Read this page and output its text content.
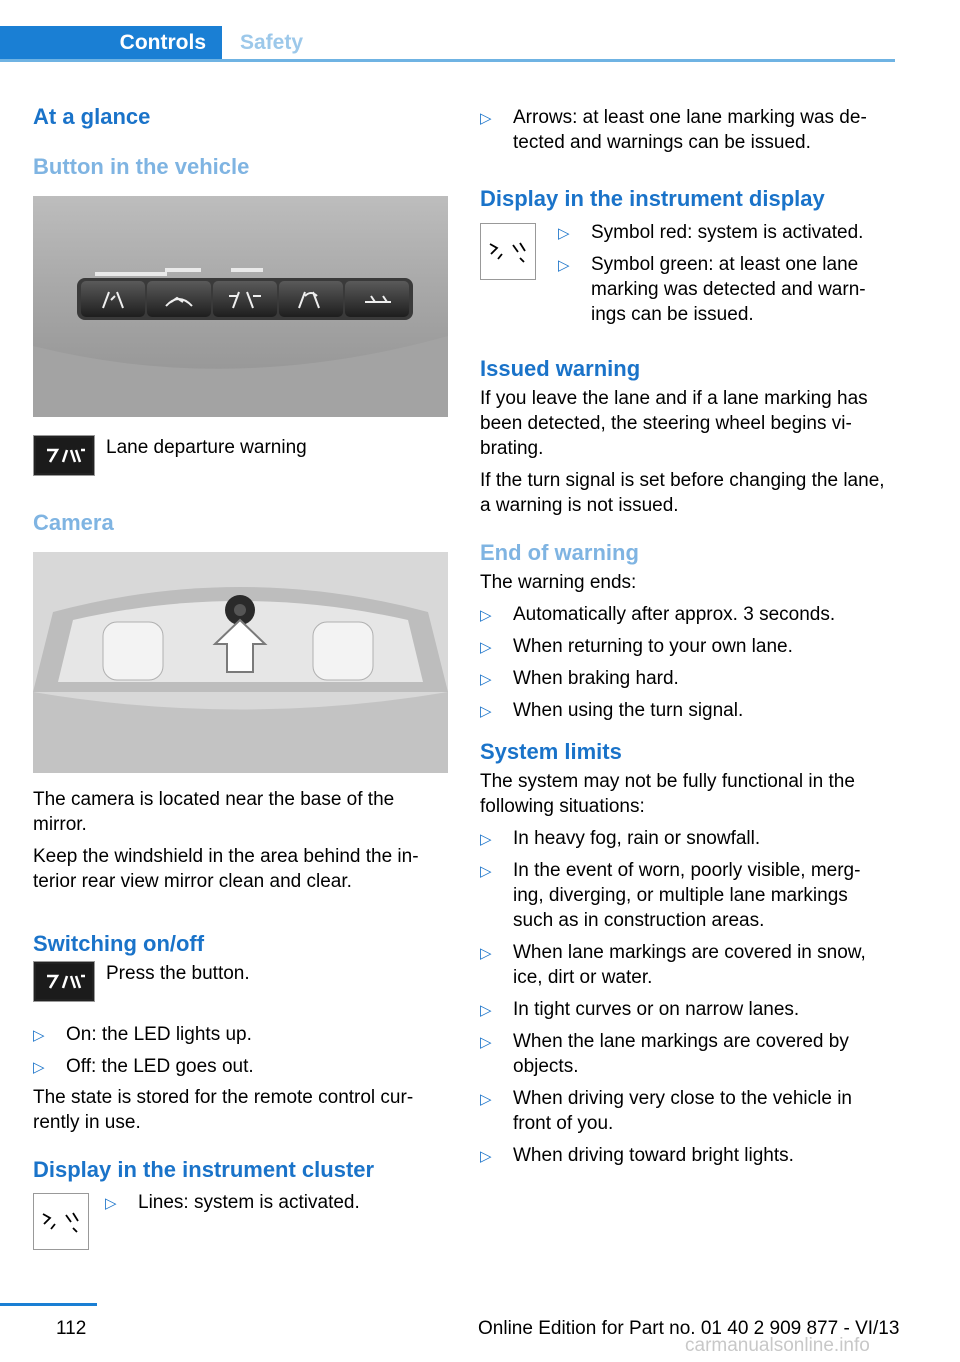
Controls	Safety
At a glance
Button in the vehicle
Lane departure warning
Camera

The camera is located near the base of the mirror.

Keep the windshield in the area behind the in- terior rear view mirror clean and clear.

Switching on/off
Press the button.
▷ On: the LED lights up.
▷ Off: the LED goes out.

The state is stored for the remote control cur- rently in use.

Display in the instrument cluster
▷ Lines: system is activated.
▷ Arrows: at least one lane marking was de- tected and warnings can be issued.
Display in the instrument display
▷ Symbol red: system is activated.
▷ Symbol green: at least one lane marking was detected and warn- ings can be issued.
Issued warning

If you leave the lane and if a lane marking has been detected, the steering wheel begins vi- brating.

If the turn signal is set before changing the lane, a warning is not issued.

End of warning

The warning ends:

▷ Automatically after approx. 3 seconds.
▷ When returning to your own lane.
▷ When braking hard.
▷ When using the turn signal.
System limits

The system may not be fully functional in the following situations:

▷ In heavy fog, rain or snowfall.
▷ In the event of worn, poorly visible, merg- ing, diverging, or multiple lane markings such as in construction areas.
▷ When lane markings are covered in snow, ice, dirt or water.
▷ In tight curves or on narrow lanes.
▷ When the lane markings are covered by objects.
▷ When driving very close to the vehicle in front of you.
▷ When driving toward bright lights.
112	Online Edition for Part no. 01 40 2 909 877 - VI/13
carmanualsonline.info
